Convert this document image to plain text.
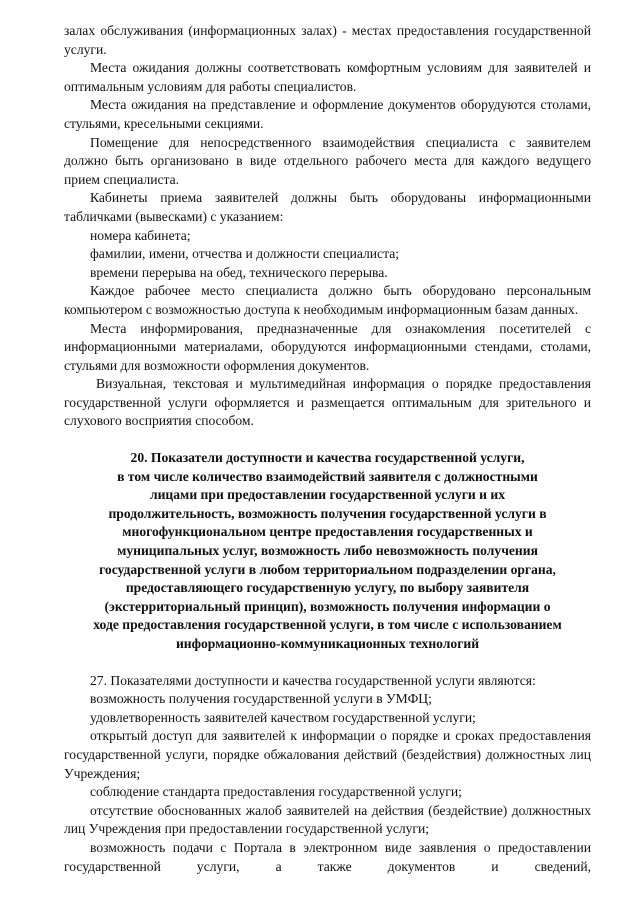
залах обслуживания (информационных залах) - местах предоставления государственной услуги.

Места ожидания должны соответствовать комфортным условиям для заявителей и оптимальным условиям для работы специалистов.

Места ожидания на представление и оформление документов оборудуются столами, стульями, кресельными секциями.

Помещение для непосредственного взаимодействия специалиста с заявителем должно быть организовано в виде отдельного рабочего места для каждого ведущего прием специалиста.

Кабинеты приема заявителей должны быть оборудованы информационными табличками (вывесками) с указанием:

номера кабинета;

фамилии, имени, отчества и должности специалиста;

времени перерыва на обед, технического перерыва.

Каждое рабочее место специалиста должно быть оборудовано персональным компьютером с возможностью доступа к необходимым информационным базам данных.

Места информирования, предназначенные для ознакомления посетителей с информационными материалами, оборудуются информационными стендами, столами, стульями для возможности оформления документов.

Визуальная, текстовая и мультимедийная информация о порядке предоставления государственной услуги оформляется и размещается оптимальным для зрительного и слухового восприятия способом.

20. Показатели доступности и качества государственной услуги,

в том числе количество взаимодействий заявителя с должностными

лицами при предоставлении государственной услуги и их

продолжительность, возможность получения государственной услуги в

многофункциональном центре предоставления государственных и

муниципальных услуг, возможность либо невозможность получения

государственной услуги в любом территориальном подразделении органа,

предоставляющего государственную услугу, по выбору заявителя

(экстерриториальный принцип), возможность получения информации о

ходе предоставления государственной услуги, в том числе с использованием

информационно-коммуникационных технологий

27. Показателями доступности и качества государственной услуги являются:

возможность получения государственной услуги в УМФЦ;

удовлетворенность заявителей качеством государственной услуги;

открытый доступ для заявителей к информации о порядке и сроках предоставления государственной услуги, порядке обжалования действий (бездействия) должностных лиц Учреждения;

соблюдение стандарта предоставления государственной услуги;

отсутствие обоснованных жалоб заявителей на действия (бездействие) должностных лиц Учреждения при предоставлении государственной услуги;

возможность подачи с Портала в электронном виде заявления о предоставлении государственной услуги, а также документов и сведений,
